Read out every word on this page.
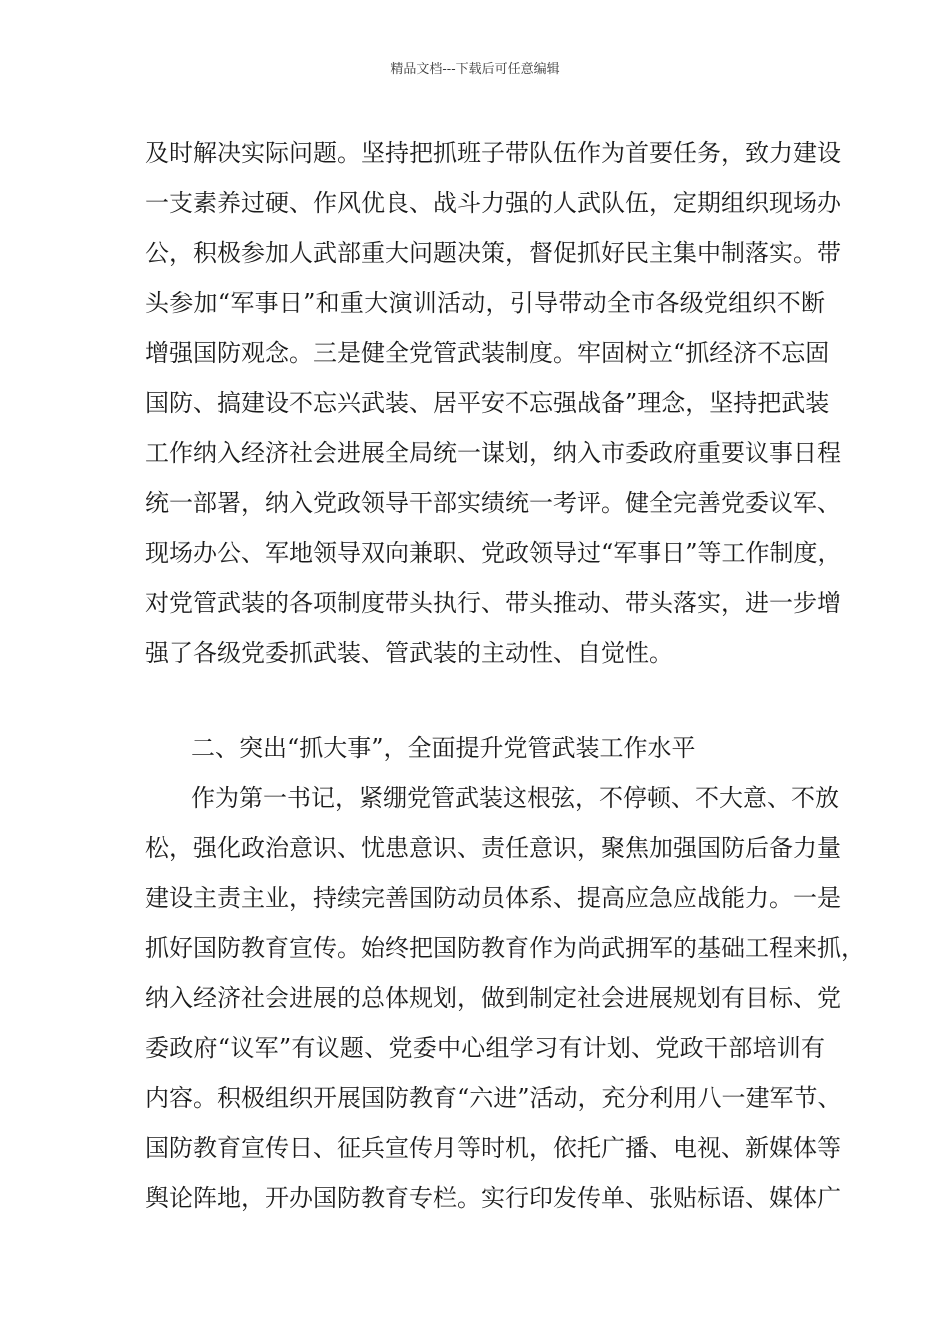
精品文档---下载后可任意编辑
及时解决实际问题。坚持把抓班子带队伍作为首要任务，致力建设
一支素养过硬、作风优良、战斗力强的人武队伍，定期组织现场办
公，积极参加人武部重大问题决策，督促抓好民主集中制落实。带
头参加“军事日”和重大演训活动，引导带动全市各级党组织不断
增强国防观念。三是健全党管武装制度。牢固树立“抓经济不忘固
国防、搞建设不忘兴武装、居平安不忘强战备”理念，坚持把武装
工作纳入经济社会进展全局统一谋划，纳入市委政府重要议事日程
统一部署，纳入党政领导干部实绩统一考评。健全完善党委议军、
现场办公、军地领导双向兼职、党政领导过“军事日”等工作制度，
对党管武装的各项制度带头执行、带头推动、带头落实，进一步增
强了各级党委抓武装、管武装的主动性、自觉性。
二、突出“抓大事”，全面提升党管武装工作水平
作为第一书记，紧绷党管武装这根弦，不停顿、不大意、不放
松，强化政治意识、忧患意识、责任意识，聚焦加强国防后备力量
建设主责主业，持续完善国防动员体系、提高应急应战能力。一是
抓好国防教育宣传。始终把国防教育作为尚武拥军的基础工程来抓，
纳入经济社会进展的总体规划，做到制定社会进展规划有目标、党
委政府“议军”有议题、党委中心组学习有计划、党政干部培训有
内容。积极组织开展国防教育“六进”活动，充分利用八一建军节、
国防教育宣传日、征兵宣传月等时机，依托广播、电视、新媒体等
舆论阵地，开办国防教育专栏。实行印发传单、张贴标语、媒体广
